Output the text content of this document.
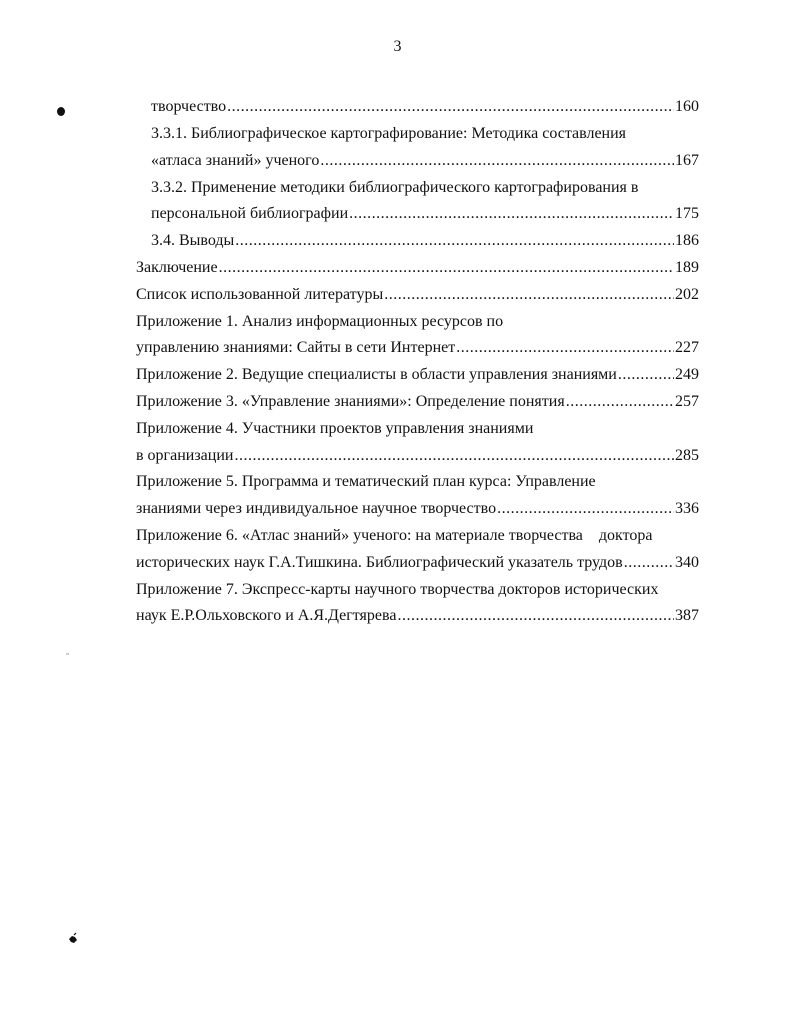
3
творчество .....	160
3.3.1. Библиографическое картографирование: Методика составления
«атласа знаний» ученого .....	167
3.3.2. Применение методики библиографического картографирования в
персональной библиографии .....	175
3.4. Выводы .....	186
Заключение .....	189
Список использованной литературы .....	202
Приложение 1. Анализ информационных ресурсов по
управлению знаниями: Сайты в сети Интернет .....	227
Приложение 2. Ведущие специалисты в области управления знаниями .....	249
Приложение 3. «Управление знаниями»: Определение понятия .....	257
Приложение 4. Участники проектов управления знаниями
в организации .....	285
Приложение 5. Программа и тематический план курса: Управление
знаниями через индивидуальное научное творчество .....	336
Приложение 6. «Атлас знаний» ученого: на материале творчества    доктора
исторических наук Г.А.Тишкина. Библиографический указатель трудов .....	340
Приложение 7. Экспресс-карты научного творчества докторов исторических
наук Е.Р.Ольховского и А.Я.Дегтярева .....	387
